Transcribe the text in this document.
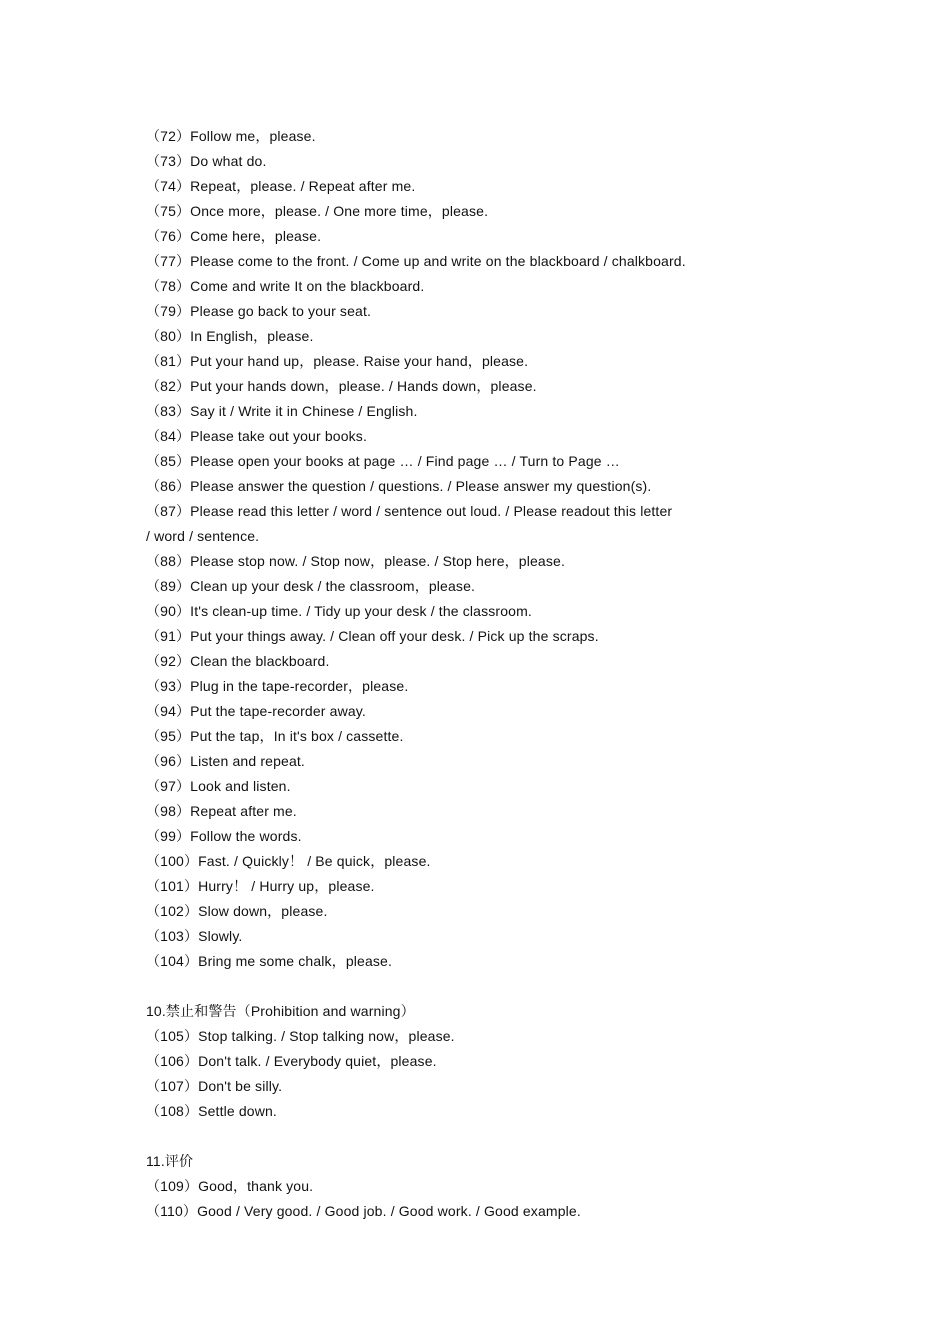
（72）Follow me，please.
（73）Do what do.
（74）Repeat，please. / Repeat after me.
（75）Once more，please. / One more time，please.
（76）Come here，please.
（77）Please come to the front. / Come up and write on the blackboard / chalkboard.
（78）Come and write It on the blackboard.
（79）Please go back to your seat.
（80）In English，please.
（81）Put your hand up，please. Raise your hand，please.
（82）Put your hands down，please. / Hands down，please.
（83）Say it / Write it in Chinese / English.
（84）Please take out your books.
（85）Please open your books at page … / Find page … / Turn to Page …
（86）Please answer the question / questions. / Please answer my question(s).
（87）Please read this letter / word / sentence out loud. / Please readout this letter
/ word / sentence.
（88）Please stop now. / Stop now，please. / Stop here，please.
（89）Clean up your desk / the classroom，please.
（90）It's clean-up time. / Tidy up your desk / the classroom.
（91）Put your things away. / Clean off your desk. / Pick up the scraps.
（92）Clean the blackboard.
（93）Plug in the tape-recorder，please.
（94）Put the tape-recorder away.
（95）Put the tap，In it's box / cassette.
（96）Listen and repeat.
（97）Look and listen.
（98）Repeat after me.
（99）Follow the words.
（100）Fast. / Quickly！ / Be quick，please.
（101）Hurry！ / Hurry up，please.
（102）Slow down，please.
（103）Slowly.
（104）Bring me some chalk，please.
10.禁止和警告（Prohibition and warning）
（105）Stop talking. / Stop talking now，please.
（106）Don't talk. / Everybody quiet，please.
（107）Don't be silly.
（108）Settle down.
11.评价
（109）Good，thank you.
（110）Good / Very good. / Good job. / Good work. / Good example.
